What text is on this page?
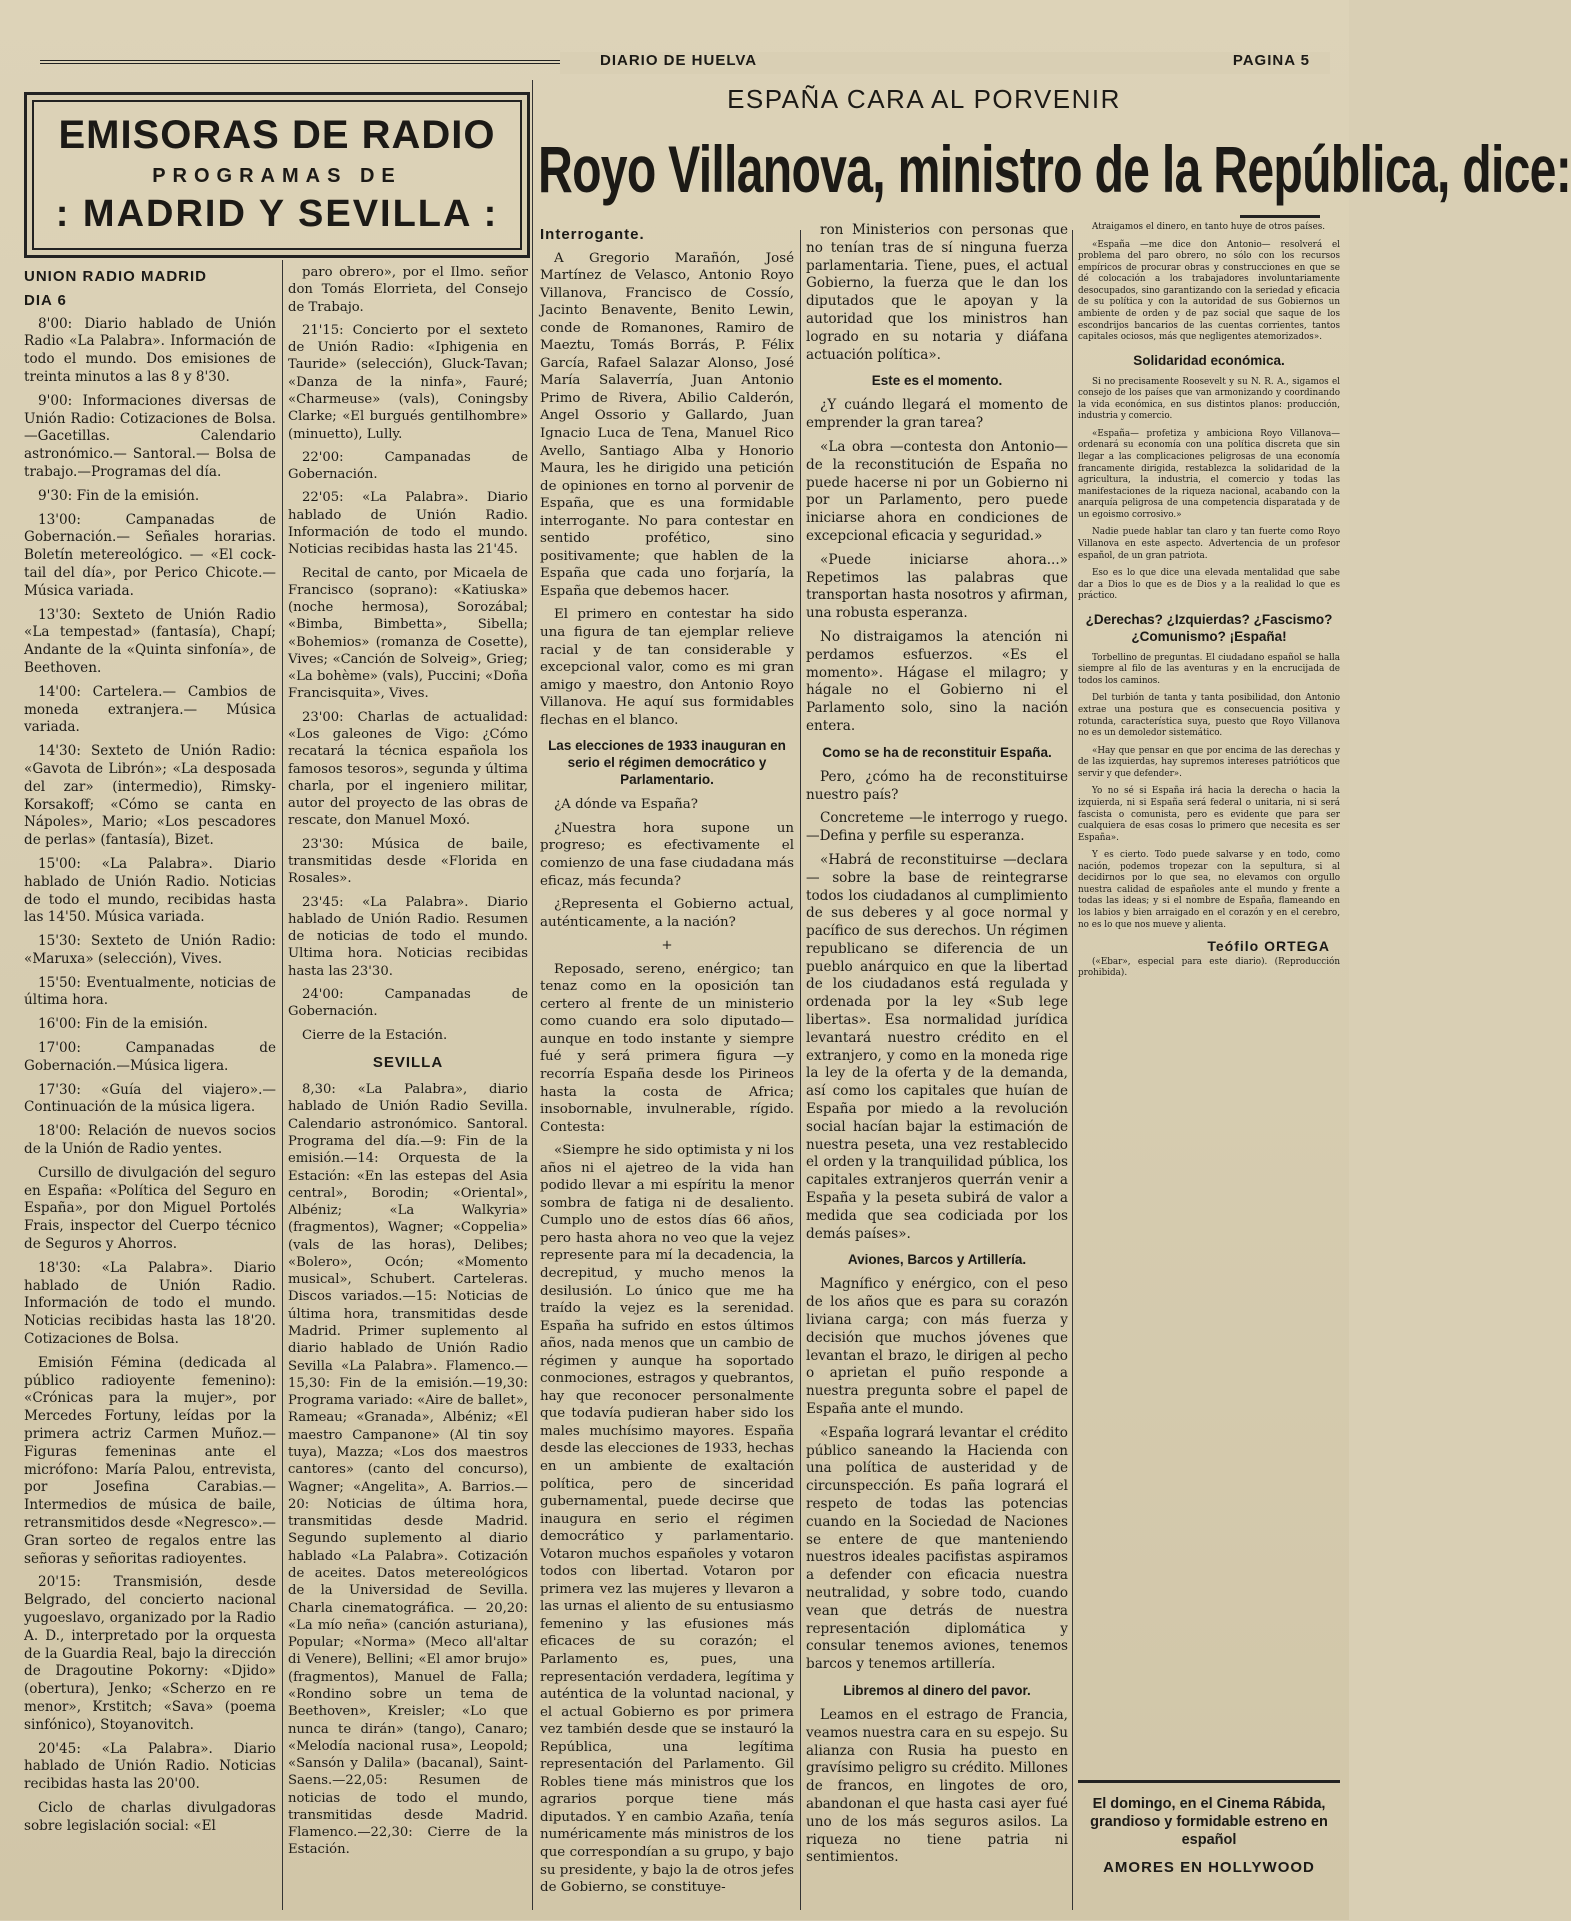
DIARIO DE HUELVA	PAGINA 5
EMISORAS DE RADIO
PROGRAMAS DE
: MADRID Y SEVILLA :
UNION RADIO MADRID
DIA 6

8'00: Diario hablado de Unión Radio «La Palabra». Información de todo el mundo. Dos emisiones de treinta minutos a las 8 y 8'30.

9'00: Informaciones diversas de Unión Radio: Cotizaciones de Bolsa.—Gacetillas. Calendario astronómico.— Santoral.— Bolsa de trabajo.—Programas del día.

9'30: Fin de la emisión.

13'00: Campanadas de Gobernación.— Señales horarias. Boletín metereológico. — «El cock-tail del día», por Perico Chicote.—Música variada.

13'30: Sexteto de Unión Radio «La tempestad» (fantasía), Chapí; Andante de la «Quinta sinfonía», de Beethoven.

14'00: Cartelera.— Cambios de moneda extranjera.— Música variada.

14'30: Sexteto de Unión Radio: «Gavota de Librón»; «La desposada del zar» (intermedio), Rimsky-Korsakoff; «Cómo se canta en Nápoles», Mario; «Los pescadores de perlas» (fantasía), Bizet.

15'00: «La Palabra». Diario hablado de Unión Radio. Noticias de todo el mundo, recibidas hasta las 14'50. Música variada.

15'30: Sexteto de Unión Radio: «Maruxa» (selección), Vives.

15'50: Eventualmente, noticias de última hora.

16'00: Fin de la emisión.

17'00: Campanadas de Gobernación.—Música ligera.

17'30: «Guía del viajero».— Continuación de la música ligera.

18'00: Relación de nuevos socios de la Unión de Radio yentes.

Cursillo de divulgación del seguro en España: «Política del Seguro en España», por don Miguel Portolés Frais, inspector del Cuerpo técnico de Seguros y Ahorros.

18'30: «La Palabra». Diario hablado de Unión Radio. Información de todo el mundo. Noticias recibidas hasta las 18'20. Cotizaciones de Bolsa.

Emisión Fémina (dedicada al público radioyente femenino): «Crónicas para la mujer», por Mercedes Fortuny, leídas por la primera actriz Carmen Muñoz.—Figuras femeninas ante el micrófono: María Palou, entrevista, por Josefina Carabias.— Intermedios de música de baile, retransmitidos desde «Negresco».— Gran sorteo de regalos entre las señoras y señoritas radioyentes.

20'15: Transmisión, desde Belgrado, del concierto nacional yugoeslavo, organizado por la Radio A. D., interpretado por la orquesta de la Guardia Real, bajo la dirección de Dragoutine Pokorny: «Djido» (obertura), Jenko; «Scherzo en re menor», Krstitch; «Sava» (poema sinfónico), Stoyanovitch.

20'45: «La Palabra». Diario hablado de Unión Radio. Noticias recibidas hasta las 20'00.

Ciclo de charlas divulgadoras sobre legislación social: «El

paro obrero», por el Ilmo. señor don Tomás Elorrieta, del Consejo de Trabajo.

21'15: Concierto por el sexteto de Unión Radio: «Iphigenia en Tauride» (selección), Gluck-Tavan; «Danza de la ninfa», Fauré; «Charmeuse» (vals), Coningsby Clarke; «El burgués gentilhombre» (minuetto), Lully.

22'00: Campanadas de Gobernación.

22'05: «La Palabra». Diario hablado de Unión Radio. Información de todo el mundo. Noticias recibidas hasta las 21'45.

Recital de canto, por Micaela de Francisco (soprano): «Katiuska» (noche hermosa), Sorozábal; «Bimba, Bimbetta», Sibella; «Bohemios» (romanza de Cosette), Vives; «Canción de Solveig», Grieg; «La bohème» (vals), Puccini; «Doña Francisquita», Vives.

23'00: Charlas de actualidad: «Los galeones de Vigo: ¿Cómo recatará la técnica española los famosos tesoros», segunda y última charla, por el ingeniero militar, autor del proyecto de las obras de rescate, don Manuel Moxó.

23'30: Música de baile, transmitidas desde «Florida en Rosales».

23'45: «La Palabra». Diario hablado de Unión Radio. Resumen de noticias de todo el mundo. Ultima hora. Noticias recibidas hasta las 23'30.

24'00: Campanadas de Gobernación.

Cierre de la Estación.

SEVILLA

8,30: «La Palabra», diario hablado de Unión Radio Sevilla. Calendario astronómico. Santoral. Programa del día.—9: Fin de la emisión.—14: Orquesta de la Estación: «En las estepas del Asia central», Borodin; «Oriental», Albéniz; «La Walkyria» (fragmentos), Wagner; «Coppelia» (vals de las horas), Delibes; «Bolero», Ocón; «Momento musical», Schubert. Carteleras. Discos variados.—15: Noticias de última hora, transmitidas desde Madrid. Primer suplemento al diario hablado de Unión Radio Sevilla «La Palabra». Flamenco.—15,30: Fin de la emisión.—19,30: Programa variado: «Aire de ballet», Rameau; «Granada», Albéniz; «El maestro Campanone» (Al tin soy tuya), Mazza; «Los dos maestros cantores» (canto del concurso), Wagner; «Angelita», A. Barrios.—20: Noticias de última hora, transmitidas desde Madrid. Segundo suplemento al diario hablado «La Palabra». Cotización de aceites. Datos metereológicos de la Universidad de Sevilla. Charla cinematográfica. — 20,20: «La mío neña» (canción asturiana), Popular; «Norma» (Meco all'altar di Venere), Bellini; «El amor brujo» (fragmentos), Manuel de Falla; «Rondino sobre un tema de Beethoven», Kreisler; «Lo que nunca te dirán» (tango), Canaro; «Melodía nacional rusa», Leopold; «Sansón y Dalila» (bacanal), Saint-Saens.—22,05: Resumen de noticias de todo el mundo, transmitidas desde Madrid. Flamenco.—22,30: Cierre de la Estación.

ESPAÑA CARA AL PORVENIR
Royo Villanova, ministro de la República, dice:
Interrogante.

A Gregorio Marañón, José Martínez de Velasco, Antonio Royo Villanova, Francisco de Cossío, Jacinto Benavente, Benito Lewin, conde de Romanones, Ramiro de Maeztu, Tomás Borrás, P. Félix García, Rafael Salazar Alonso, José María Salaverría, Juan Antonio Primo de Rivera, Abilio Calderón, Angel Ossorio y Gallardo, Juan Ignacio Luca de Tena, Manuel Rico Avello, Santiago Alba y Honorio Maura, les he dirigido una petición de opiniones en torno al porvenir de España, que es una formidable interrogante. No para contestar en sentido profético, sino positivamente; que hablen de la España que cada uno forjaría, la España que debemos hacer.

El primero en contestar ha sido una figura de tan ejemplar relieve racial y de tan considerable y excepcional valor, como es mi gran amigo y maestro, don Antonio Royo Villanova. He aquí sus formidables flechas en el blanco.

Las elecciones de 1933 inauguran en serio el régimen democrático y Parlamentario.

¿A dónde va España?

¿Nuestra hora supone un progreso; es efectivamente el comienzo de una fase ciudadana más eficaz, más fecunda?

¿Representa el Gobierno actual, auténticamente, a la nación?

+

Reposado, sereno, enérgico; tan tenaz como en la oposición tan certero al frente de un ministerio como cuando era solo diputado—aunque en todo instante y siempre fué y será primera figura —y recorría España desde los Pirineos hasta la costa de Africa; insobornable, invulnerable, rígido. Contesta:

«Siempre he sido optimista y ni los años ni el ajetreo de la vida han podido llevar a mi espíritu la menor sombra de fatiga ni de desaliento. Cumplo uno de estos días 66 años, pero hasta ahora no veo que la vejez represente para mí la decadencia, la decrepitud, y mucho menos la desilusión. Lo único que me ha traído la vejez es la serenidad. España ha sufrido en estos últimos años, nada menos que un cambio de régimen y aunque ha soportado conmociones, estragos y quebrantos, hay que reconocer personalmente que todavía pudieran haber sido los males muchísimo mayores. España desde las elecciones de 1933, hechas en un ambiente de exaltación política, pero de sinceridad gubernamental, puede decirse que inaugura en serio el régimen democrático y parlamentario. Votaron muchos españoles y votaron todos con libertad. Votaron por primera vez las mujeres y llevaron a las urnas el aliento de su entusiasmo femenino y las efusiones más eficaces de su corazón; el Parlamento es, pues, una representación verdadera, legítima y auténtica de la voluntad nacional, y el actual Gobierno es por primera vez también desde que se instauró la República, una legítima representación del Parlamento. Gil Robles tiene más ministros que los agrarios porque tiene más diputados. Y en cambio Azaña, tenía numéricamente más ministros de los que correspondían a su grupo, y bajo su presidente, y bajo la de otros jefes de Gobierno, se constituye-

ron Ministerios con personas que no tenían tras de sí ninguna fuerza parlamentaria. Tiene, pues, el actual Gobierno, la fuerza que le dan los diputados que le apoyan y la autoridad que los ministros han logrado en su notaria y diáfana actuación política».

Este es el momento.

¿Y cuándo llegará el momento de emprender la gran tarea?

«La obra —contesta don Antonio— de la reconstitución de España no puede hacerse ni por un Gobierno ni por un Parlamento, pero puede iniciarse ahora en condiciones de excepcional eficacia y seguridad.»

«Puede iniciarse ahora...» Repetimos las palabras que transportan hasta nosotros y afirman, una robusta esperanza.

No distraigamos la atención ni perdamos esfuerzos. «Es el momento». Hágase el milagro; y hágale no el Gobierno ni el Parlamento solo, sino la nación entera.

Como se ha de reconstituir España.

Pero, ¿cómo ha de reconstituirse nuestro país?

Concreteme —le interrogo y ruego.—Defina y perfile su esperanza.

«Habrá de reconstituirse —declara— sobre la base de reintegrarse todos los ciudadanos al cumplimiento de sus deberes y al goce normal y pacífico de sus derechos. Un régimen republicano se diferencia de un pueblo anárquico en que la libertad de los ciudadanos está regulada y ordenada por la ley «Sub lege libertas». Esa normalidad jurídica levantará nuestro crédito en el extranjero, y como en la moneda rige la ley de la oferta y de la demanda, así como los capitales que huían de España por miedo a la revolución social hacían bajar la estimación de nuestra peseta, una vez restablecido el orden y la tranquilidad pública, los capitales extranjeros querrán venir a España y la peseta subirá de valor a medida que sea codiciada por los demás países».

Aviones, Barcos y Artillería.

Magnífico y enérgico, con el peso de los años que es para su corazón liviana carga; con más fuerza y decisión que muchos jóvenes que levantan el brazo, le dirigen al pecho o aprietan el puño responde a nuestra pregunta sobre el papel de España ante el mundo.

«España logrará levantar el crédito público saneando la Hacienda con una política de austeridad y de circunspección. Es paña logrará el respeto de todas las potencias cuando en la Sociedad de Naciones se entere de que manteniendo nuestros ideales pacifistas aspiramos a defender con eficacia nuestra neutralidad, y sobre todo, cuando vean que detrás de nuestra representación diplomática y consular tenemos aviones, tenemos barcos y tenemos artillería.

Libremos al dinero del pavor.

Leamos en el estrago de Francia, veamos nuestra cara en su espejo. Su alianza con Rusia ha puesto en gravísimo peligro su crédito. Millones de francos, en lingotes de oro, abandonan el que hasta casi ayer fué uno de los más seguros asilos. La riqueza no tiene patria ni sentimientos.

Atraigamos el dinero, en tanto huye de otros países.

«España —me dice don Antonio— resolverá el problema del paro obrero, no sólo con los recursos empíricos de procurar obras y construcciones en que se dé colocación a los trabajadores involuntariamente desocupados, sino garantizando con la seriedad y eficacia de su política y con la autoridad de sus Gobiernos un ambiente de orden y de paz social que saque de los escondrijos bancarios de las cuentas corrientes, tantos capitales ociosos, más que negligentes atemorizados».

Solidaridad económica.

Si no precisamente Roosevelt y su N. R. A., sigamos el consejo de los países que van armonizando y coordinando la vida económica, en sus distintos planos: producción, industria y comercio.

«España— profetiza y ambiciona Royo Villanova— ordenará su economía con una política discreta que sin llegar a las complicaciones peligrosas de una economía francamente dirigida, restablezca la solidaridad de la agricultura, la industria, el comercio y todas las manifestaciones de la riqueza nacional, acabando con la anarquía peligrosa de una competencia disparatada y de un egoismo corrosivo.»

Nadie puede hablar tan claro y tan fuerte como Royo Villanova en este aspecto. Advertencia de un profesor español, de un gran patriota.

Eso es lo que dice una elevada mentalidad que sabe dar a Dios lo que es de Dios y a la realidad lo que es práctico.

¿Derechas? ¿Izquierdas? ¿Fascismo? ¿Comunismo? ¡España!

Torbellino de preguntas. El ciudadano español se halla siempre al filo de las aventuras y en la encrucijada de todos los caminos.

Del turbión de tanta y tanta posibilidad, don Antonio extrae una postura que es consecuencia positiva y rotunda, característica suya, puesto que Royo Villanova no es un demoledor sistemático.

«Hay que pensar en que por encima de las derechas y de las izquierdas, hay supremos intereses patrióticos que servir y que defender».

Yo no sé si España irá hacia la derecha o hacia la izquierda, ni si España será federal o unitaria, ni si será fascista o comunista, pero es evidente que para ser cualquiera de esas cosas lo primero que necesita es ser España».

Y es cierto. Todo puede salvarse y en todo, como nación, podemos tropezar con la sepultura, si al decidirnos por lo que sea, no elevamos con orgullo nuestra calidad de españoles ante el mundo y frente a todas las ideas; y si el nombre de España, flameando en los labios y bien arraigado en el corazón y en el cerebro, no es lo que nos mueve y alienta.

Teófilo ORTEGA

(«Ebar», especial para este diario). (Reproducción prohibida).

El domingo, en el Cinema Rábida, grandioso y formidable estreno en español
AMORES EN HOLLYWOOD
